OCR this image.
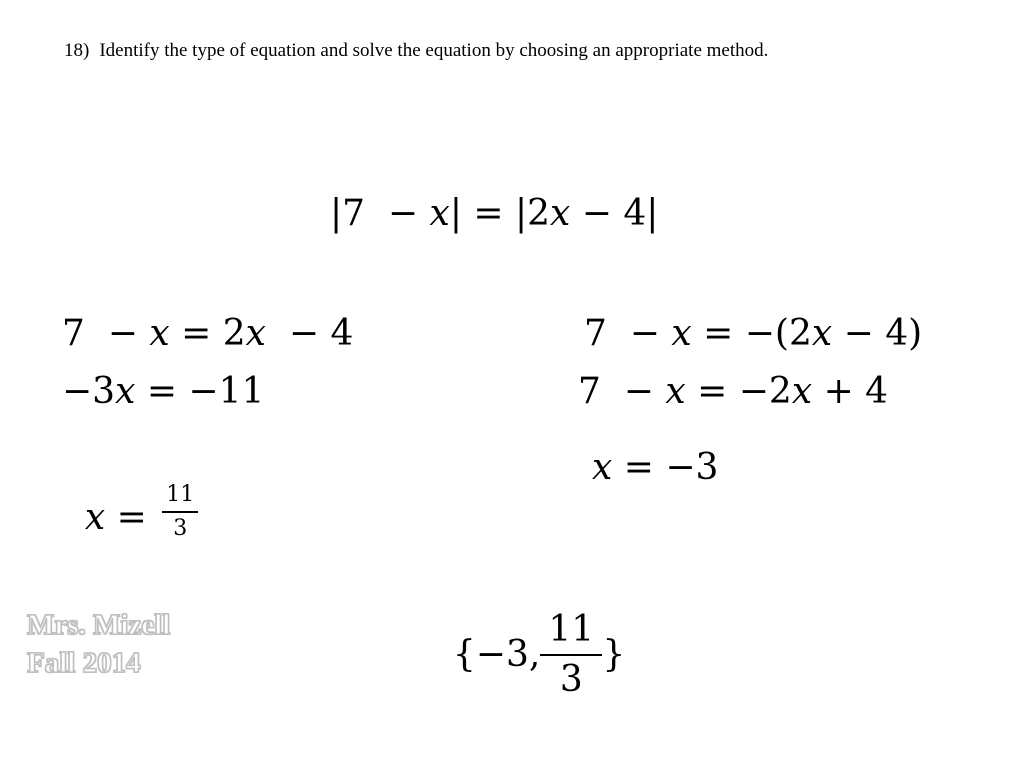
18) Identify the type of equation and solve the equation by choosing an appropriate method.
|7  − 𝑥| = |2𝑥 − 4|
7  − 𝑥 = 2𝑥  − 4
−3𝑥 = −11

𝑥 = $\frac{11}{3}$

7  − 𝑥 = −(2𝑥 − 4)
7  − 𝑥 = −2𝑥 + 4
𝑥 = −3

{−3, $\frac{11}{3}$ }

Mrs. Mizell
Fall 2014
